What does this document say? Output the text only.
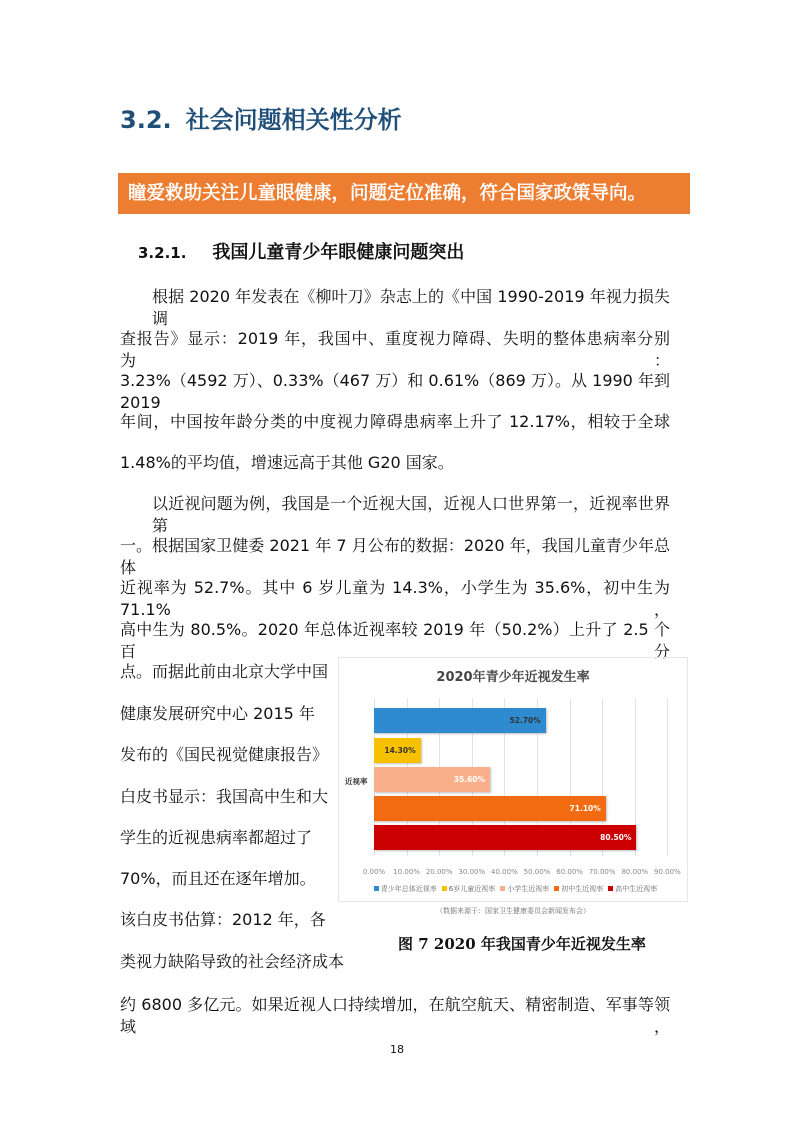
3.2. 社会问题相关性分析
瞳爱救助关注儿童眼健康，问题定位准确，符合国家政策导向。
3.2.1. 我国儿童青少年眼健康问题突出
根据 2020 年发表在《柳叶刀》杂志上的《中国 1990-2019 年视力损失调
查报告》显示：2019 年，我国中、重度视力障碍、失明的整体患病率分别为：
3.23%（4592 万）、0.33%（467 万）和 0.61%（869 万）。从 1990 年到 2019
年间，中国按年龄分类的中度视力障碍患病率上升了 12.17%，相较于全球
1.48%的平均值，增速远高于其他 G20 国家。
以近视问题为例，我国是一个近视大国，近视人口世界第一，近视率世界第
一。根据国家卫健委 2021 年 7 月公布的数据：2020 年，我国儿童青少年总体
近视率为 52.7%。其中 6 岁儿童为 14.3%，小学生为 35.6%，初中生为 71.1%，
高中生为 80.5%。2020 年总体近视率较 2019 年（50.2%）上升了 2.5 个百分
点。而据此前由北京大学中国
健康发展研究中心 2015 年
发布的《国民视觉健康报告》
白皮书显示：我国高中生和大
学生的近视患病率都超过了
70%，而且还在逐年增加。
该白皮书估算：2012 年，各
类视力缺陷导致的社会经济成本
约 6800 多亿元。如果近视人口持续增加，在航空航天、精密制造、军事等领域，
2020年青少年近视发生率
近视率
0.00%	10.00% 20.00% 30.00% 40.00% 50.00% 60.00% 70.00% 80.00% 90.00%
52.70%
14.30%
35.60%
71.10%
80.50%
青少年总体近视率 6岁儿童近视率 小学生近视率 初中生近视率 高中生近视率
（数据来源于：国家卫生健康委员会新闻发布会）
图 7 2020 年我国青少年近视发生率
18
